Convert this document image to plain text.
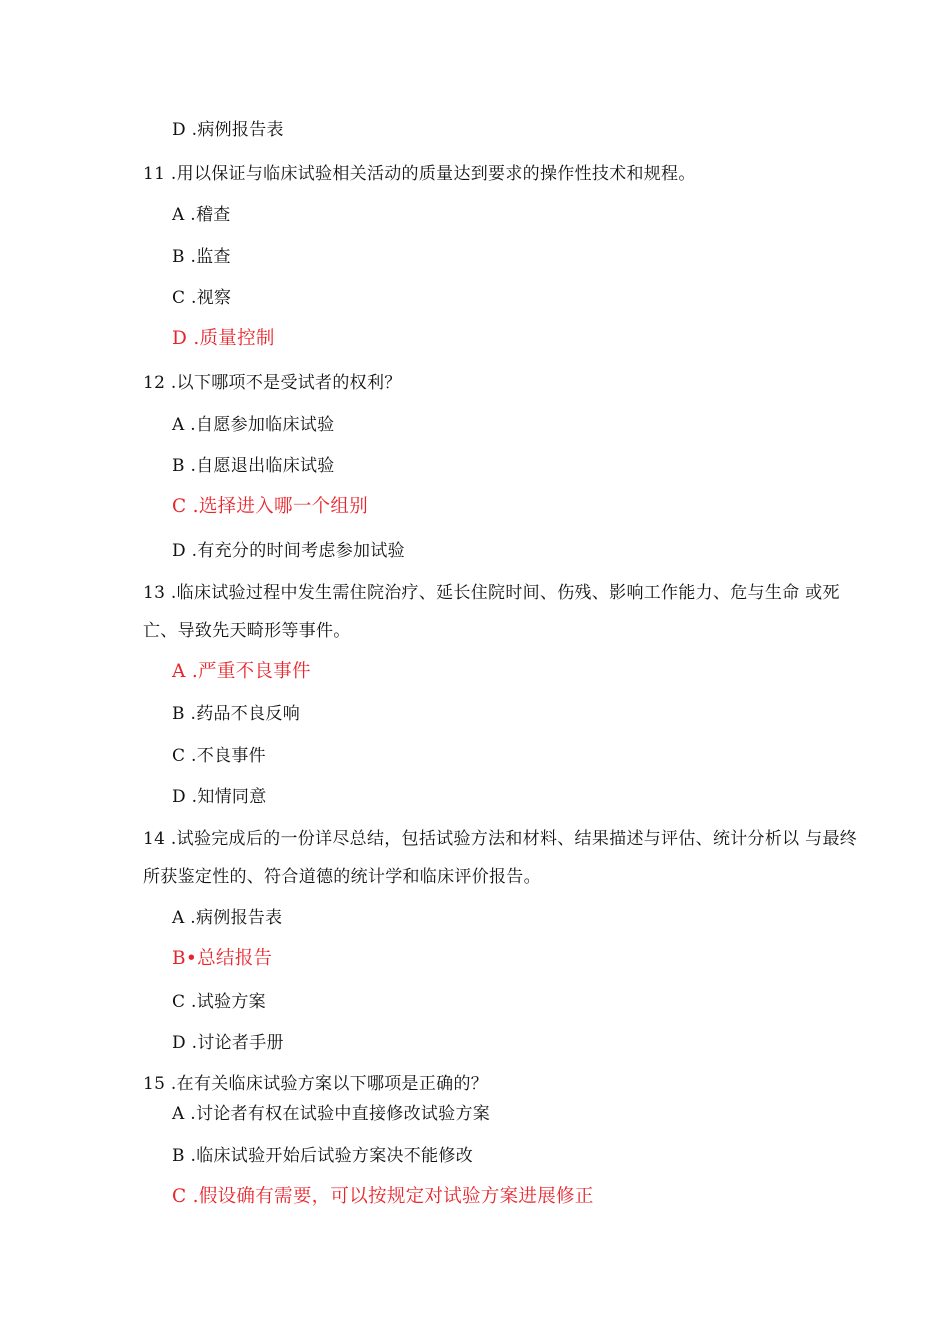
D .病例报告表
11 .用以保证与临床试验相关活动的质量达到要求的操作性技术和规程。
A .稽查
B .监查
C .视察
D .质量控制
12 .以下哪项不是受试者的权利？
A .自愿参加临床试验
B .自愿退出临床试验
C .选择进入哪一个组别
D .有充分的时间考虑参加试验
13 .临床试验过程中发生需住院治疗、延长住院时间、伤残、影响工作能力、危与生命 或死
亡、导致先天畸形等事件。
A .严重不良事件
B .药品不良反响
C .不良事件
D .知情同意
14 .试验完成后的一份详尽总结，包括试验方法和材料、结果描述与评估、统计分析以 与最终
所获鉴定性的、符合道德的统计学和临床评价报告。
A .病例报告表
B•总结报告
C .试验方案
D .讨论者手册
15 .在有关临床试验方案以下哪项是正确的？
A .讨论者有权在试验中直接修改试验方案
B .临床试验开始后试验方案决不能修改
C .假设确有需要，可以按规定对试验方案进展修正
